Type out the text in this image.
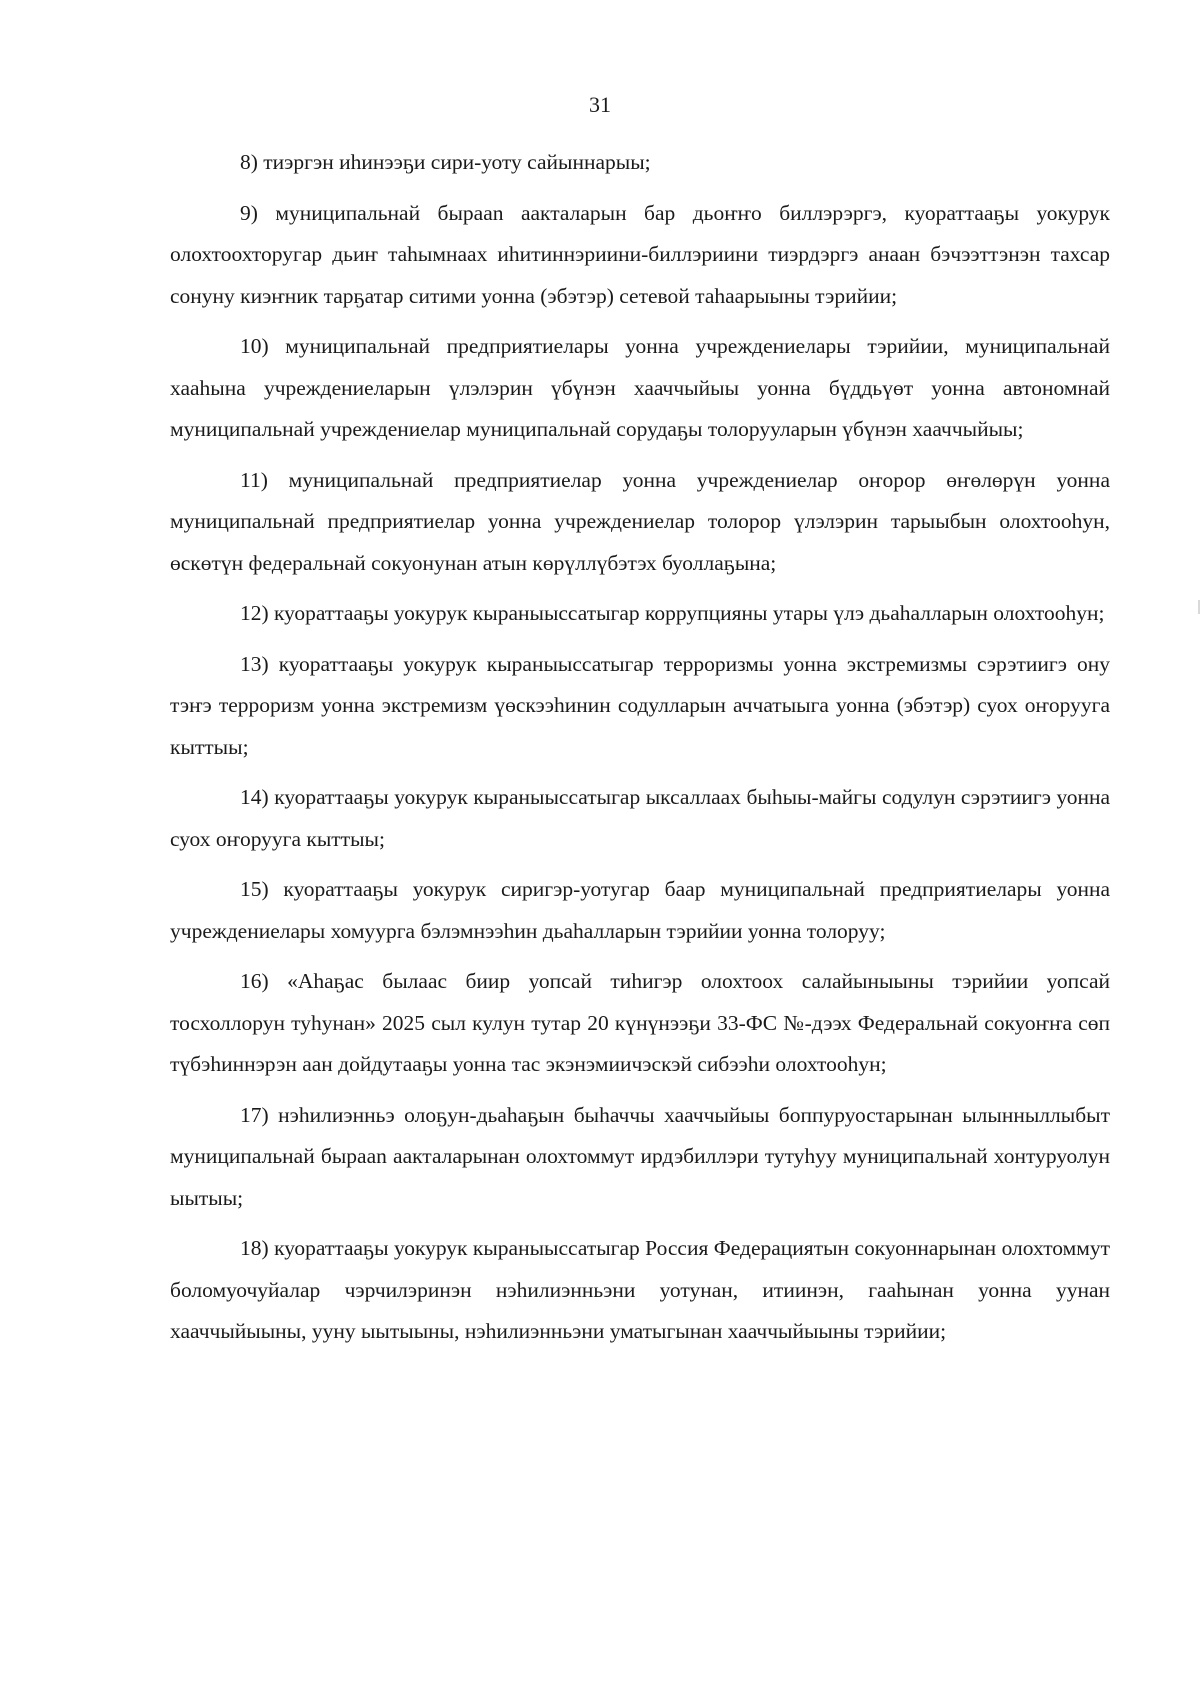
31

8) тиэргэн иһинээҕи сири-уоту сайыннарыы;

9) муниципальнай бырааn аакталарын бар дьоҥҥо биллэрэргэ, куораттааҕы уокурук олохтоохторугар дьиҥ таһымнаах иһитиннэриини-биллэриини тиэрдэргэ анаан бэчээттэнэн тахсар сонуну киэҥник тарҕатар ситими уонна (эбэтэр) сетевой таһаарыыны тэрийии;

10) муниципальнай предприятиелары уонна учреждениелары тэрийии, муниципальнай хааһына учреждениеларын үлэлэрин үбүнэн хааччыйыы уонна бүддьүөт уонна автономнай муниципальнай учреждениелар муниципальнай сорудаҕы толорууларын үбүнэн хааччыйыы;

11) муниципальнай предприятиелар уонна учреждениелар оҥорор өҥөлөрүн уонна муниципальнай предприятиелар уонна учреждениелар толорор үлэлэрин тарыыбын олохтооһун, өскөтүн федеральнай сокуонунан атын көрүллүбэтэх буоллаҕына;

12) куораттааҕы уокурук кыраныыссатыгар коррупцияны утары үлэ дьаһалларын олохтооһун;

13) куораттааҕы уокурук кыраныыссатыгар терроризмы уонна экстремизмы сэрэтиигэ ону тэҥэ терроризм уонна экстремизм үөскээһинин содулларын аччатыыга уонна (эбэтэр) суох оҥорууга кыттыы;

14) куораттааҕы уокурук кыраныыссатыгар ыксаллаах быһыы-майгы содулун сэрэтиигэ уонна суох оҥорууга кыттыы;

15) куораттааҕы уокурук сиригэр-уотугар баар муниципальнай предприятиелары уонна учреждениелары хомуурга бэлэмнээһин дьаһалларын тэрийии уонна толоруу;

16) «Аһаҕас былаас биир уопсай тиһигэр олохтоох салайыныыны тэрийии уопсай тосхоллорун туһунан» 2025 сыл кулун тутар 20 күнүнээҕи 33-ФС №-дээх Федеральнай сокуоҥҥа сөп түбэһиннэрэн аан дойдутааҕы уонна тас экэнэмиичэскэй сибээһи олохтооһун;

17) нэһилиэнньэ олоҕун-дьаһаҕын быһаччы хааччыйыы боппуруостарынан ылынныллыбыт муниципальнай бырааn аакталарынан олохтоммут ирдэбиллэри тутуһуу муниципальнай хонтуруолун ыытыы;

18) куораттааҕы уокурук кыраныыссатыгар Россия Федерациятын сокуоннарынан олохтоммут боломуочуйалар чэрчилэринэн нэһилиэнньэни уотунан, итиинэн, гааһынан уонна уунан хааччыйыыны, ууну ыытыыны, нэһилиэнньэни уматыгынан хааччыйыыны тэрийии;
